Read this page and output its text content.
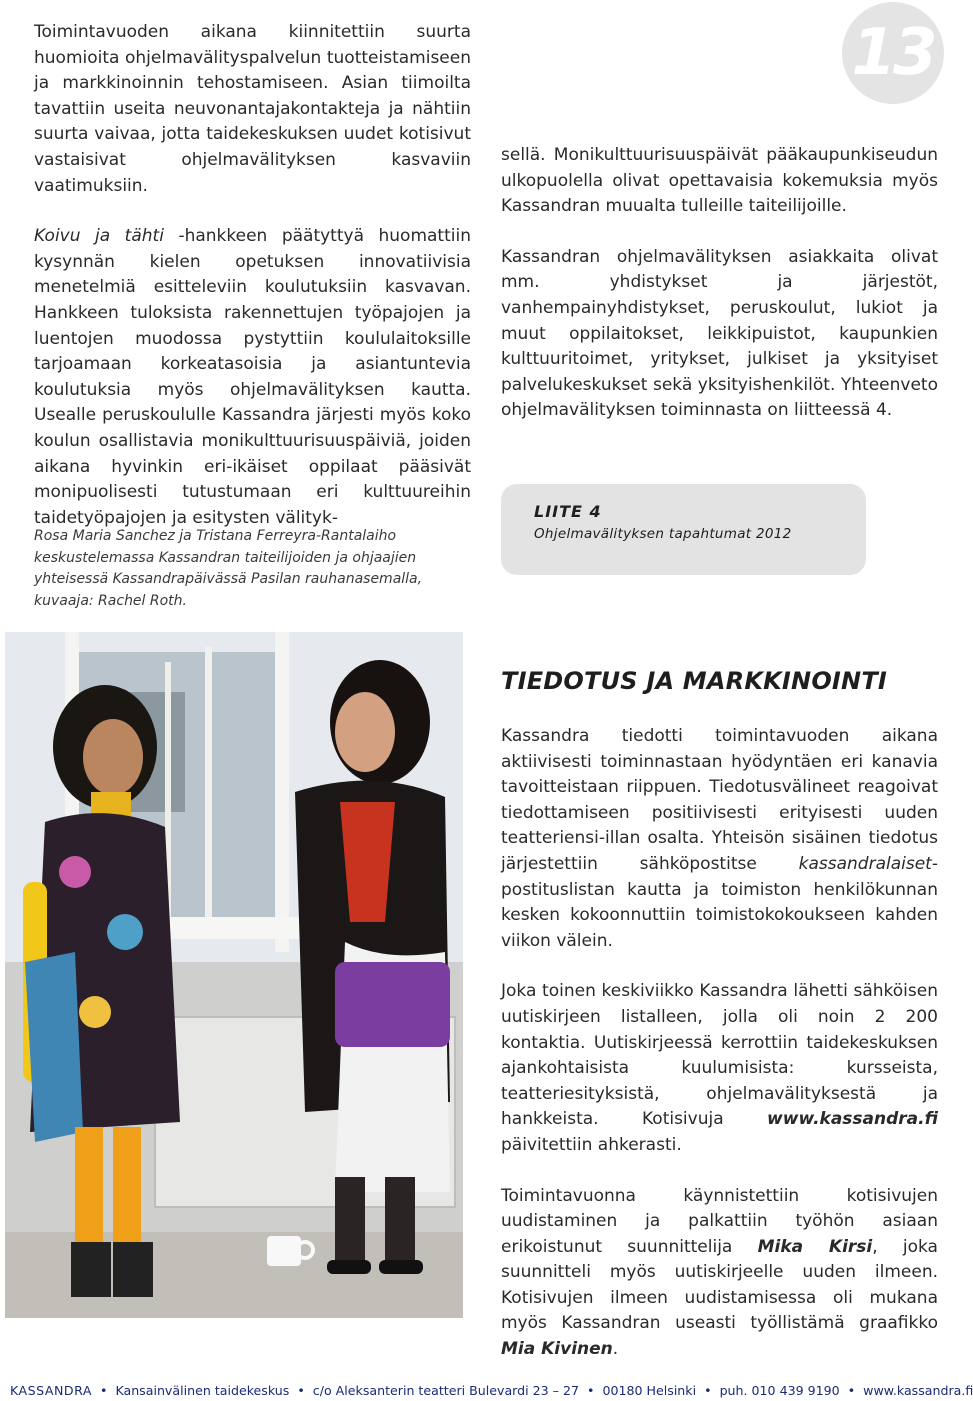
13

Toimintavuoden aikana kiinnitettiin suurta huomioita ohjelmavälityspalvelun tuotteistamiseen ja markkinoinnin tehostamiseen. Asian tiimoilta tavattiin useita neuvonantajakontakteja ja nähtiin suurta vaivaa, jotta taidekeskuksen uudet kotisivut vastaisivat ohjelmavälityksen kasvaviin vaatimuksiin.

Koivu ja tähti -hankkeen päätyttyä huomattiin kysynnän kielen opetuksen innovatiivisia menetelmiä esitteleviin koulutuksiin kasvavan. Hankkeen tuloksista rakennettujen työpajojen ja luentojen muodossa pystyttiin koululaitoksille tarjoamaan korkeatasoisia ja asiantuntevia koulutuksia myös ohjelmavälityksen kautta. Usealle peruskoululle Kassandra järjesti myös koko koulun osallistavia monikulttuurisuuspäiviä, joiden aikana hyvinkin eri-ikäiset oppilaat pääsivät monipuolisesti tutustumaan eri kulttuureihin taidetyöpajojen ja esitysten välityk-

sellä. Monikulttuurisuuspäivät pääkaupunkiseudun ulkopuolella olivat opettavaisia kokemuksia myös Kassandran muualta tulleille taiteilijoille.

Kassandran ohjelmavälityksen asiakkaita olivat mm. yhdistykset ja järjestöt, vanhempainyhdistykset, peruskoulut, lukiot ja muut oppilaitokset, leikkipuistot, kaupunkien kulttuuritoimet, yritykset, julkiset ja yksityiset palvelukeskukset sekä yksityishenkilöt. Yhteenveto ohjelmavälityksen toiminnasta on liitteessä 4.

Rosa Maria Sanchez ja Tristana Ferreyra-Rantalaiho

keskustelemassa Kassandran taiteilijoiden ja ohjaajien

yhteisessä Kassandrapäivässä Pasilan rauhanasemalla,

kuvaaja: Rachel Roth.

LIITE 4
Ohjelmavälityksen tapahtumat 2012
TIEDOTUS JA MARKKINOINTI

Kassandra tiedotti toimintavuoden aikana aktiivisesti toiminnastaan hyödyntäen eri kanavia tavoitteistaan riippuen. Tiedotusvälineet reagoivat tiedottamiseen positiivisesti erityisesti uuden teatteriensi-illan osalta. Yhteisön sisäinen tiedotus järjestettiin sähköpostitse kassandralaiset-postituslistan kautta ja toimiston henkilökunnan kesken kokoonnuttiin toimistokokoukseen kahden viikon välein.

Joka toinen keskiviikko Kassandra lähetti sähköisen uutiskirjeen listalleen, jolla oli noin 2 200 kontaktia. Uutiskirjeessä kerrottiin taidekeskuksen ajankohtaisista kuulumisista: kursseista, teatteriesityksistä, ohjelmavälityksestä ja hankkeista. Kotisivuja www.kassandra.fi päivitettiin ahkerasti.

Toimintavuonna käynnistettiin kotisivujen uudistaminen ja palkattiin työhön asiaan erikoistunut suunnittelija Mika Kirsi, joka suunnitteli myös uutiskirjeelle uuden ilmeen. Kotisivujen ilmeen uudistamisessa oli mukana myös Kassandran useasti työllistämä graafikko Mia Kivinen.

KASSANDRA • Kansainvälinen taidekeskus • c/o Aleksanterin teatteri Bulevardi 23 – 27 • 00180 Helsinki • puh. 010 439 9190 • www.kassandra.fi
